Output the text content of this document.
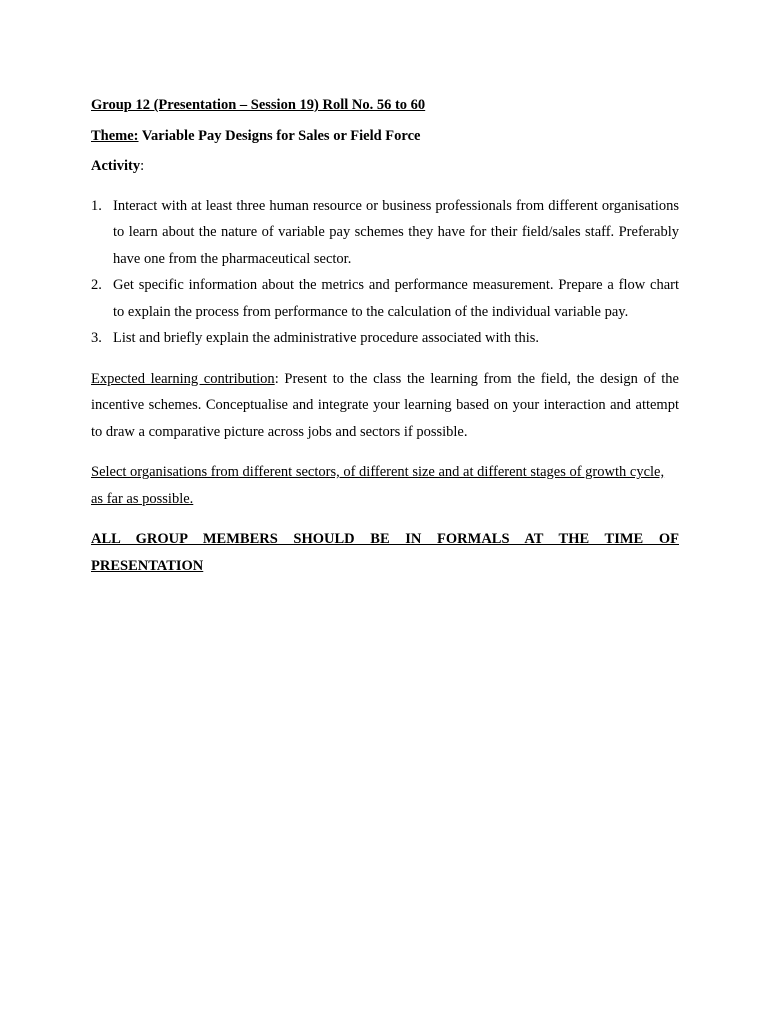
Group 12 (Presentation – Session 19) Roll No. 56 to 60
Theme: Variable Pay Designs for Sales or Field Force
Activity:
1. Interact with at least three human resource or business professionals from different organisations to learn about the nature of variable pay schemes they have for their field/sales staff. Preferably have one from the pharmaceutical sector.
2. Get specific information about the metrics and performance measurement. Prepare a flow chart to explain the process from performance to the calculation of the individual variable pay.
3. List and briefly explain the administrative procedure associated with this.

Expected learning contribution: Present to the class the learning from the field, the design of the incentive schemes. Conceptualise and integrate your learning based on your interaction and attempt to draw a comparative picture across jobs and sectors if possible.

Select organisations from different sectors, of different size and at different stages of growth cycle, as far as possible.

ALL GROUP MEMBERS SHOULD BE IN FORMALS AT THE TIME OF
PRESENTATION
